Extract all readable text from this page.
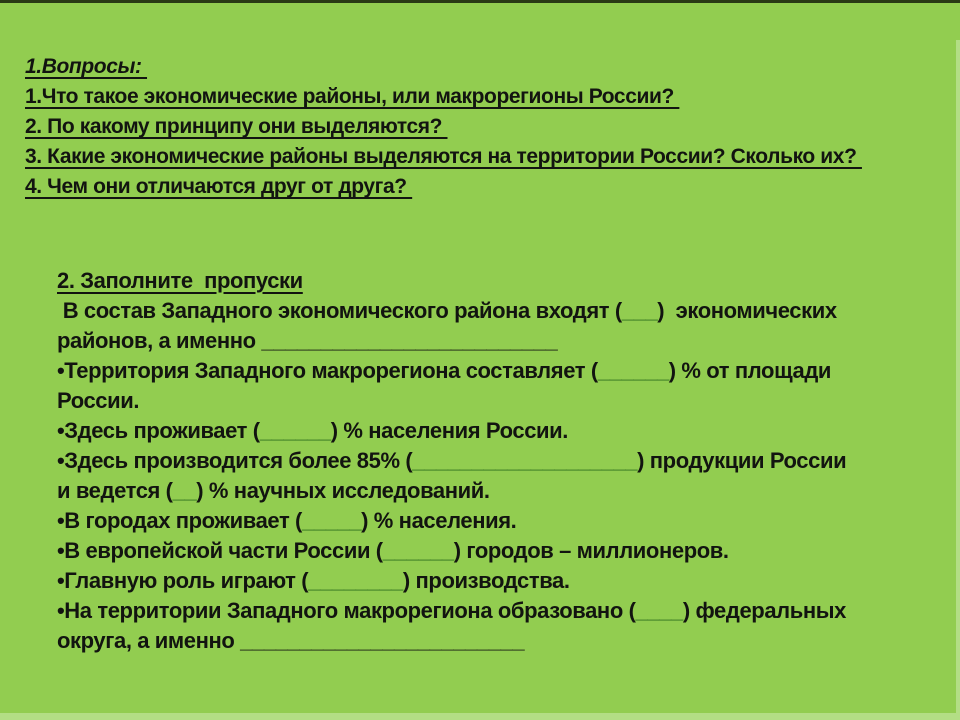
1.Вопросы:
1.Что такое экономические районы, или макрорегионы России?
2. По какому принципу они выделяются?
3. Какие экономические районы выделяются на территории России? Сколько их?
4. Чем они отличаются друг от друга?
2. Заполните  пропуски
В состав Западного экономического района входят (___)  экономических
районов, а именно _________________________
•Территория Западного макрорегиона составляет (______) % от площади
России.
•Здесь проживает (______) % населения России.
•Здесь производится более 85% (___________________) продукции России
и ведется (__) % научных исследований.
•В городах проживает (_____) % населения.
•В европейской части России (______) городов – миллионеров.
•Главную роль играют (________) производства.
•На территории Западного макрорегиона образовано (____) федеральных
округа, а именно ________________________
